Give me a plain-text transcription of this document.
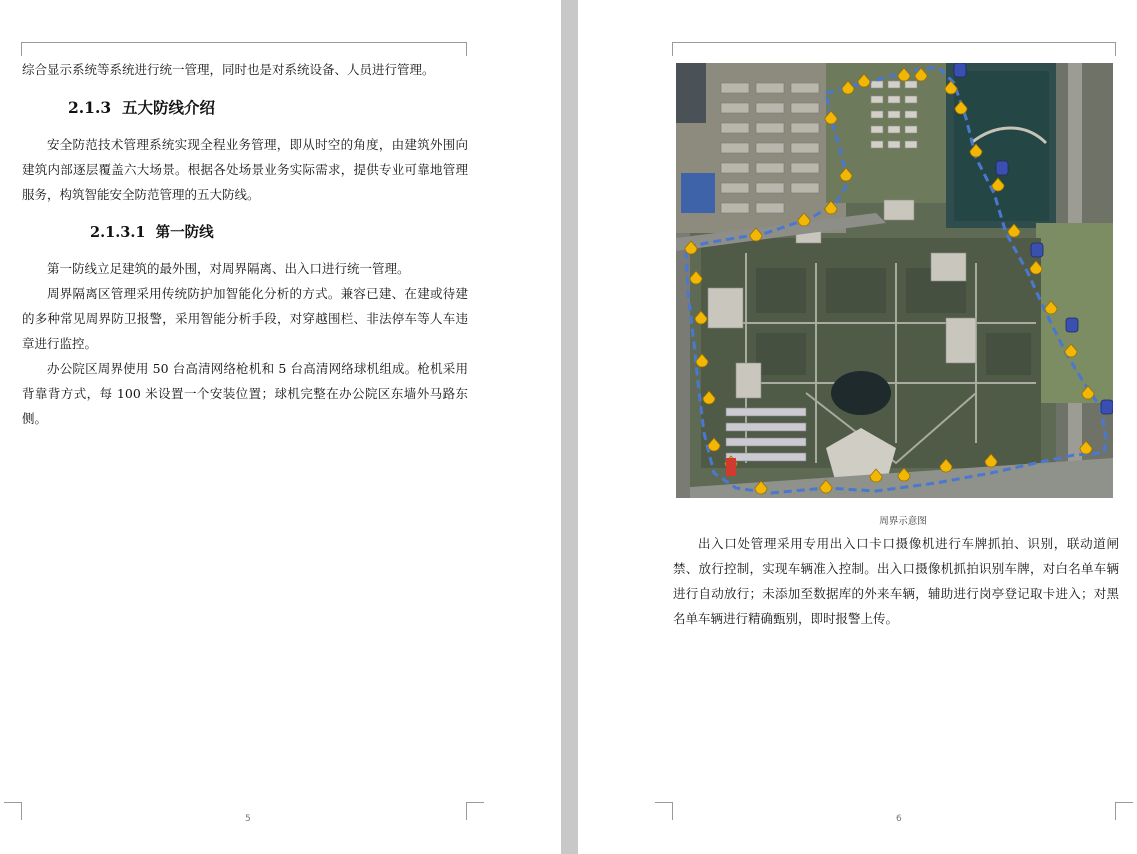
综合显示系统等系统进行统一管理，同时也是对系统设备、人员进行管理。
2.1.3 五大防线介绍
安全防范技术管理系统实现全程业务管理，即从时空的角度，由建筑外围向建筑内部逐层覆盖六大场景。根据各处场景业务实际需求，提供专业可靠地管理服务，构筑智能安全防范管理的五大防线。
2.1.3.1 第一防线
第一防线立足建筑的最外围，对周界隔离、出入口进行统一管理。
周界隔离区管理采用传统防护加智能化分析的方式。兼容已建、在建或待建的多种常见周界防卫报警，采用智能分析手段，对穿越围栏、非法停车等人车违章进行监控。
办公院区周界使用 50 台高清网络枪机和 5 台高清网络球机组成。枪机采用背靠背方式，每 100 米设置一个安装位置；球机完整在办公院区东墙外马路东侧。
5
周界示意图
出入口处管理采用专用出入口卡口摄像机进行车牌抓拍、识别，联动道闸禁、放行控制，实现车辆准入控制。出入口摄像机抓拍识别车牌，对白名单车辆进行自动放行；未添加至数据库的外来车辆，辅助进行岗亭登记取卡进入；对黑名单车辆进行精确甄别，即时报警上传。
6
